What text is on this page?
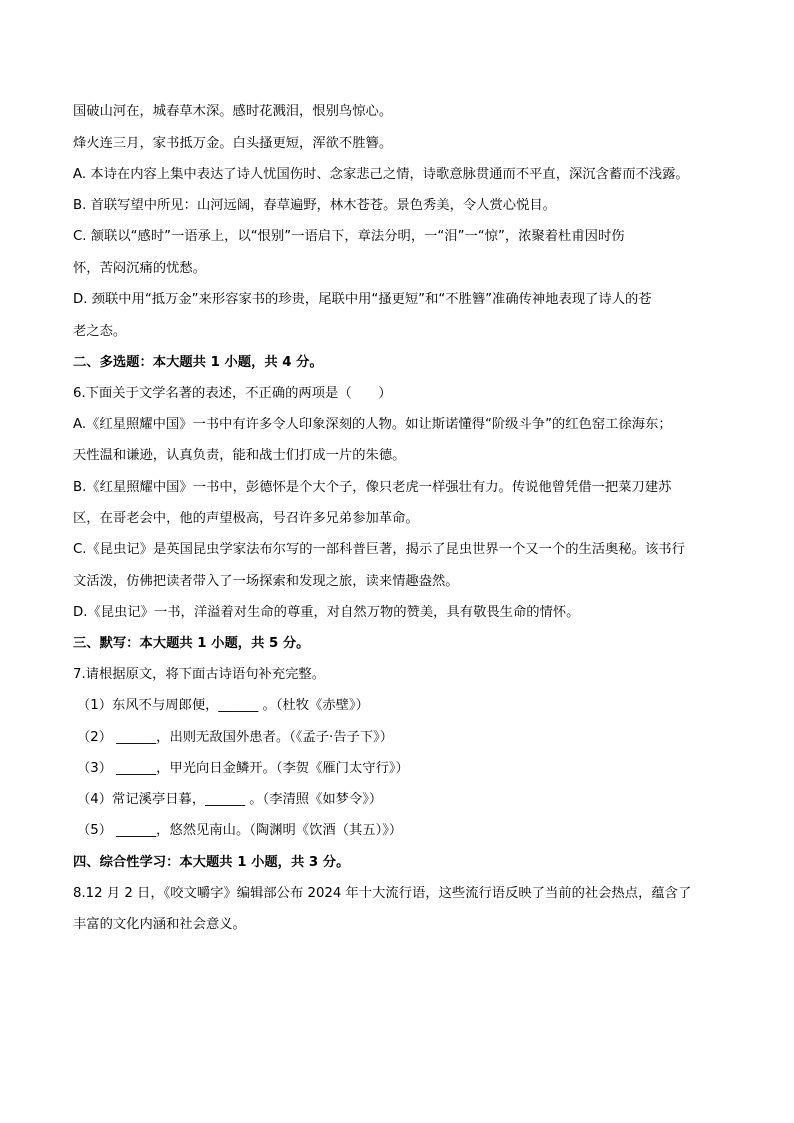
国破山河在，城春草木深。感时花溅泪，恨别鸟惊心。
烽火连三月，家书抵万金。白头搔更短，浑欲不胜簪。
A. 本诗在内容上集中表达了诗人忧国伤时、念家悲己之情，诗歌意脉贯通而不平直，深沉含蓄而不浅露。
B. 首联写望中所见：山河远阔，春草遍野，林木苍苍。景色秀美，令人赏心悦目。
C. 颔联以“感时”一语承上，以“恨别”一语启下，章法分明，一“泪”一“惊”，浓聚着杜甫因时伤
怀，苦闷沉痛的忧愁。
D. 颈联中用“抵万金”来形容家书的珍贵，尾联中用“搔更短”和“不胜簪”准确传神地表现了诗人的苍
老之态。
二、多选题：本大题共 1 小题，共 4 分。
6.下面关于文学名著的表述，不正确的两项是（　　）
A.《红星照耀中国》一书中有许多令人印象深刻的人物。如让斯诺懂得“阶级斗争”的红色窑工徐海东；
天性温和谦逊，认真负责，能和战士们打成一片的朱德。
B.《红星照耀中国》一书中，彭德怀是个大个子，像只老虎一样强壮有力。传说他曾凭借一把菜刀建苏
区，在哥老会中，他的声望极高，号召许多兄弟参加革命。
C.《昆虫记》是英国昆虫学家法布尔写的一部科普巨著，揭示了昆虫世界一个又一个的生活奥秘。该书行
文活泼，仿佛把读者带入了一场探索和发现之旅，读来情趣盎然。
D.《昆虫记》一书，洋溢着对生命的尊重，对自然万物的赞美，具有敬畏生命的情怀。
三、默写：本大题共 1 小题，共 5 分。
7.请根据原文，将下面古诗语句补充完整。
（1）东风不与周郎便，______ 。（杜牧《赤壁》）
（2） ______，出则无敌国外患者。（《孟子·告子下》）
（3） ______，甲光向日金鳞开。（李贺《雁门太守行》）
（4）常记溪亭日暮，______ 。（李清照《如梦令》）
（5） ______，悠然见南山。（陶渊明《饮酒（其五）》）
四、综合性学习：本大题共 1 小题，共 3 分。
8.12 月 2 日，《咬文嚼字》编辑部公布 2024 年十大流行语，这些流行语反映了当前的社会热点，蕴含了
丰富的文化内涵和社会意义。
